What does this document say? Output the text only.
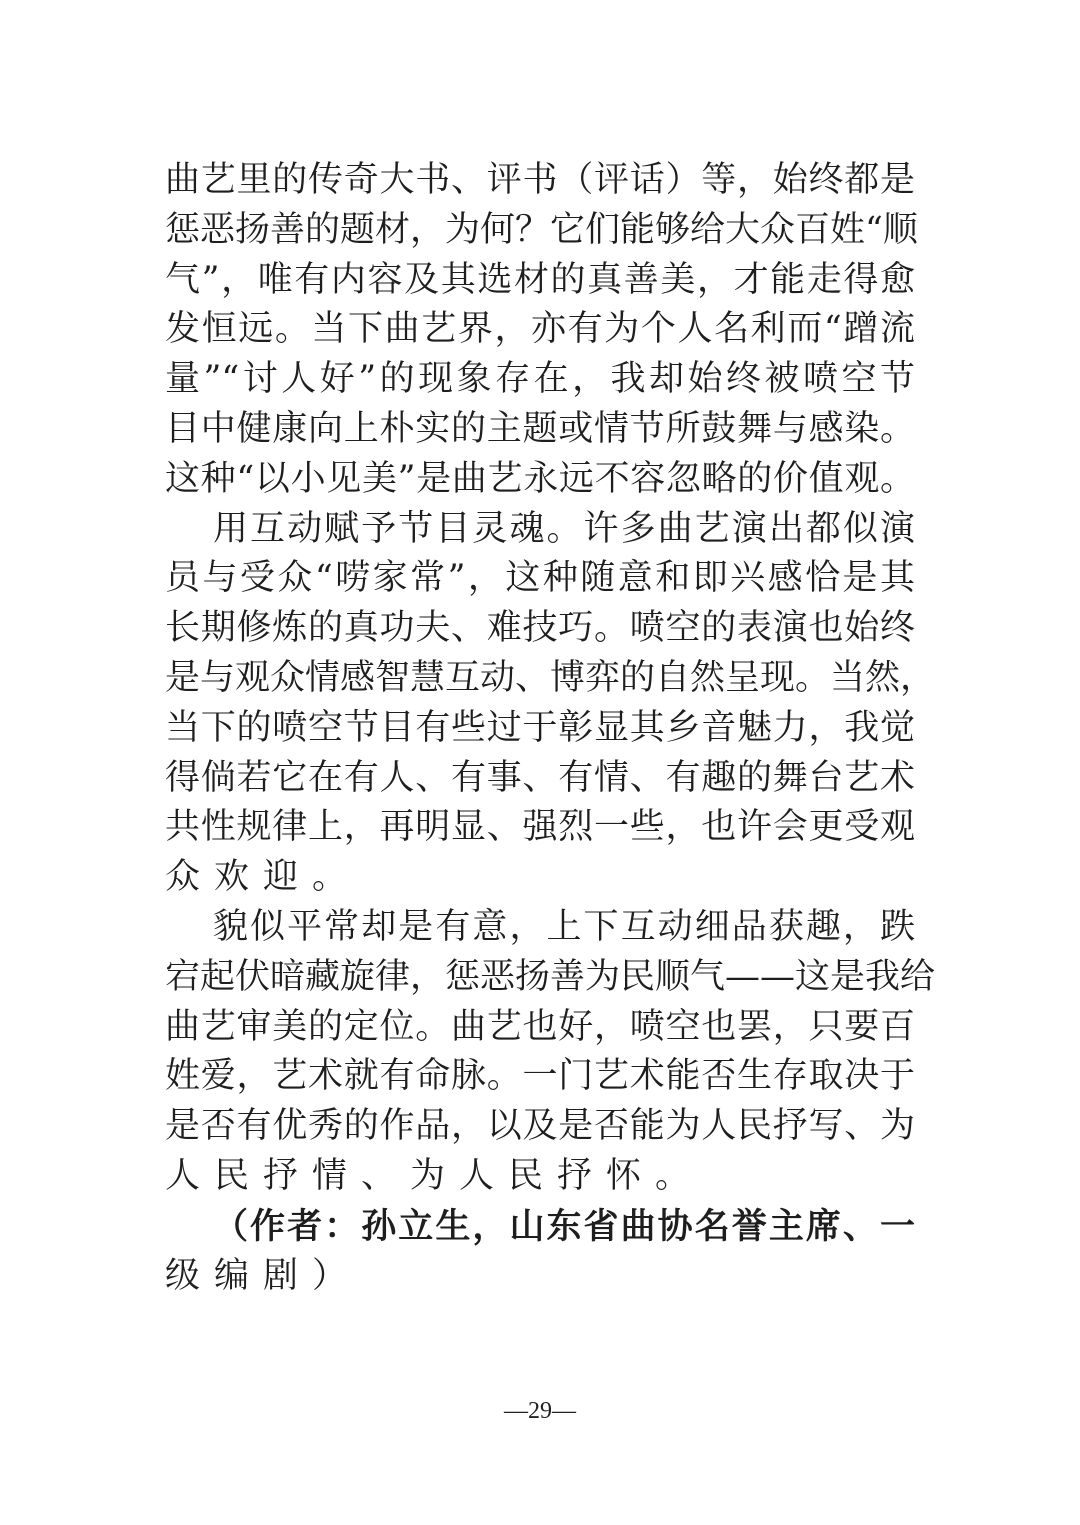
曲艺里的传奇大书、评书（评话）等，始终都是
惩恶扬善的题材，为何？它们能够给大众百姓“顺
气”，唯有内容及其选材的真善美，才能走得愈
发恒远。当下曲艺界，亦有为个人名利而“蹭流
量”“讨人好”的现象存在，我却始终被喷空节
目中健康向上朴实的主题或情节所鼓舞与感染。
这种“以小见美”是曲艺永远不容忽略的价值观。
用互动赋予节目灵魂。许多曲艺演出都似演
员与受众“唠家常”，这种随意和即兴感恰是其
长期修炼的真功夫、难技巧。喷空的表演也始终
是与观众情感智慧互动、博弈的自然呈现。当然，
当下的喷空节目有些过于彰显其乡音魅力，我觉
得倘若它在有人、有事、有情、有趣的舞台艺术
共性规律上，再明显、强烈一些，也许会更受观
众欢迎。
貌似平常却是有意，上下互动细品获趣，跌
宕起伏暗藏旋律，惩恶扬善为民顺气——这是我给
曲艺审美的定位。曲艺也好，喷空也罢，只要百
姓爱，艺术就有命脉。一门艺术能否生存取决于
是否有优秀的作品，以及是否能为人民抒写、为
人民抒情、为人民抒怀。
（作者：孙立生，山东省曲协名誉主席、一
级编剧）
—29—
